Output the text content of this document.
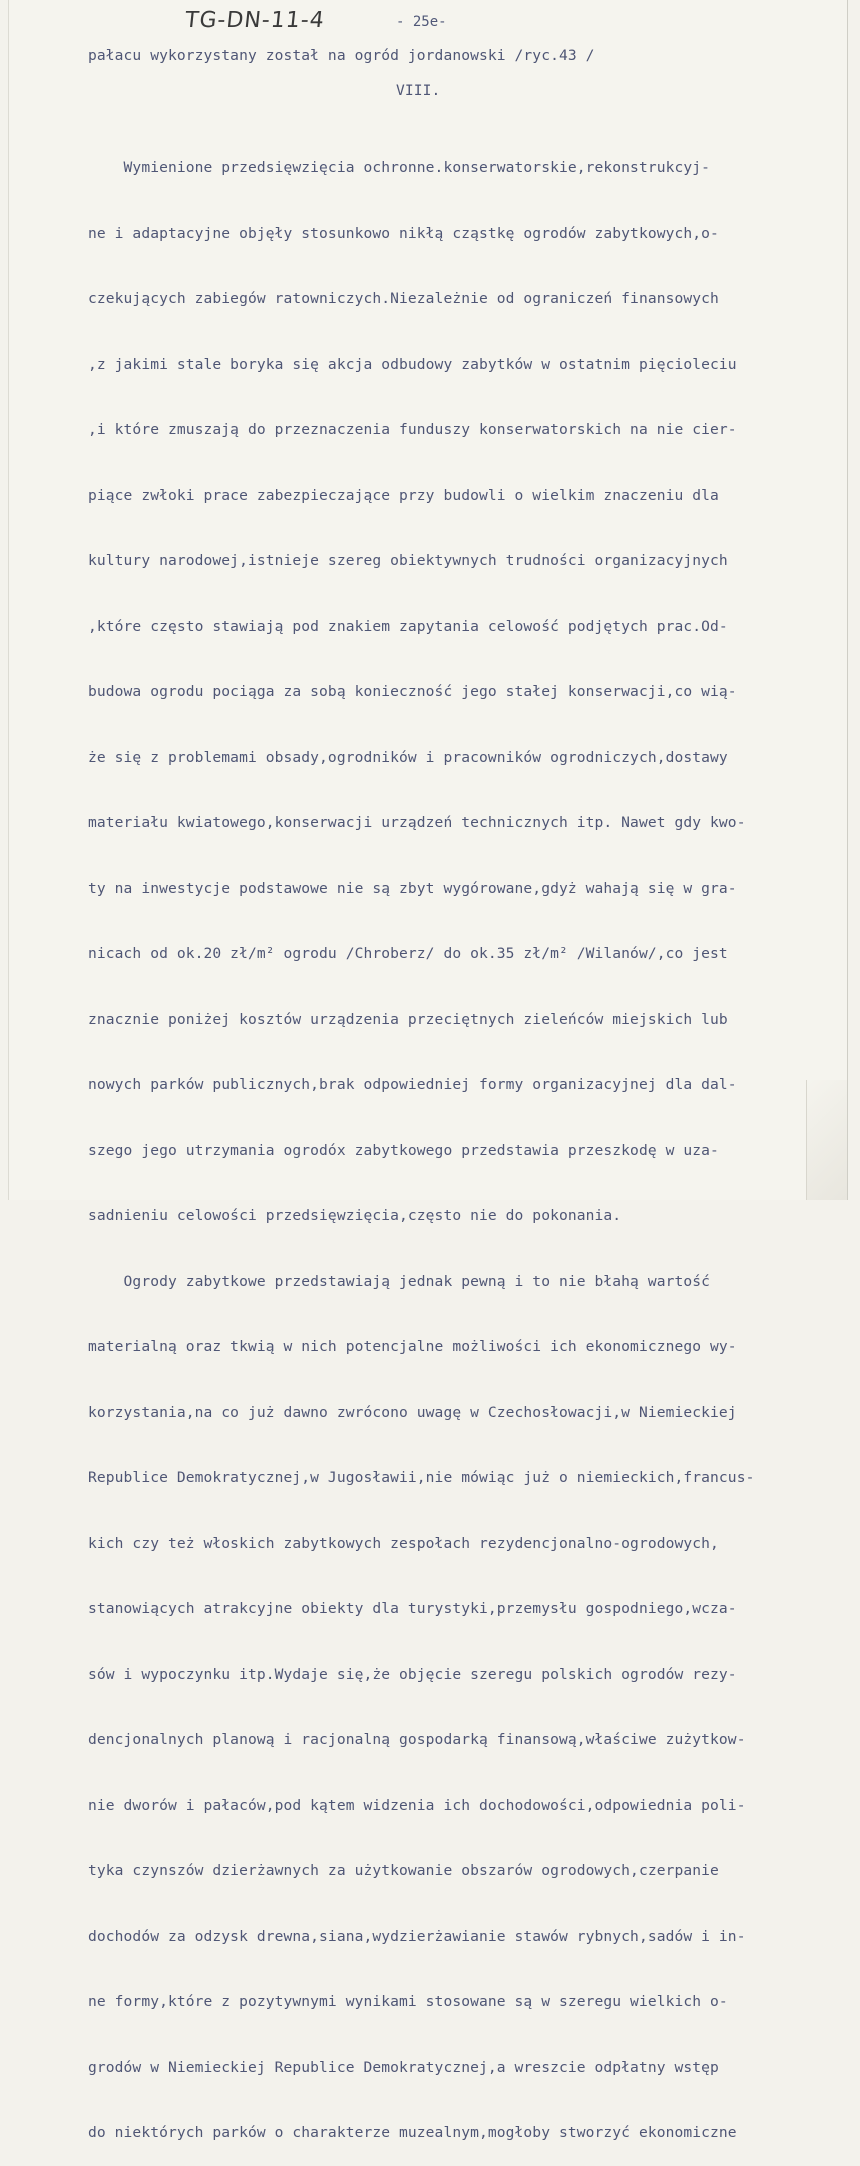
TG-DN-11-4	- 25e-
pałacu wykorzystany został na ogród jordanowski /ryc.43 /
VIII.

Wymienione przedsięwzięcia ochronne.konserwatorskie,rekonstrukcyj-

ne i adaptacyjne objęły stosunkowo nikłą cząstkę ogrodów zabytkowych,o-

czekujących zabiegów ratowniczych.Niezależnie od ograniczeń finansowych

,z jakimi stale boryka się akcja odbudowy zabytków w ostatnim pięcioleciu

,i które zmuszają do przeznaczenia funduszy konserwatorskich na nie cier-

piące zwłoki prace zabezpieczające przy budowli o wielkim znaczeniu dla

kultury narodowej,istnieje szereg obiektywnych trudności organizacyjnych

,które często stawiają pod znakiem zapytania celowość podjętych prac.Od-

budowa ogrodu pociąga za sobą konieczność jego stałej konserwacji,co wią-

że się z problemami obsady,ogrodników i pracowników ogrodniczych,dostawy

materiału kwiatowego,konserwacji urządzeń technicznych itp. Nawet gdy kwo-

ty na inwestycje podstawowe nie są zbyt wygórowane,gdyż wahają się w gra-

nicach od ok.20 zł/m² ogrodu /Chroberz/ do ok.35 zł/m² /Wilanów/,co jest

znacznie poniżej kosztów urządzenia przeciętnych zieleńców miejskich lub

nowych parków publicznych,brak odpowiedniej formy organizacyjnej dla dal-

szego jego utrzymania ogrodóx zabytkowego przedstawia przeszkodę w uza-

sadnieniu celowości przedsięwzięcia,często nie do pokonania.

Ogrody zabytkowe przedstawiają jednak pewną i to nie błahą wartość

materialną oraz tkwią w nich potencjalne możliwości ich ekonomicznego wy-

korzystania,na co już dawno zwrócono uwagę w Czechosłowacji,w Niemieckiej

Republice Demokratycznej,w Jugosławii,nie mówiąc już o niemieckich,francus-

kich czy też włoskich zabytkowych zespołach rezydencjonalno-ogrodowych,

stanowiących atrakcyjne obiekty dla turystyki,przemysłu gospodniego,wcza-

sów i wypoczynku itp.Wydaje się,że objęcie szeregu polskich ogrodów rezy-

dencjonalnych planową i racjonalną gospodarką finansową,właściwe zużytkow-

nie dworów i pałaców,pod kątem widzenia ich dochodowości,odpowiednia poli-

tyka czynszów dzierżawnych za użytkowanie obszarów ogrodowych,czerpanie

dochodów za odzysk drewna,siana,wydzierżawianie stawów rybnych,sadów i in-

ne formy,które z pozytywnymi wynikami stosowane są w szeregu wielkich o-

grodów w Niemieckiej Republice Demokratycznej,a wreszcie odpłatny wstęp

do niektórych parków o charakterze muzealnym,mogłoby stworzyć ekonomiczne
